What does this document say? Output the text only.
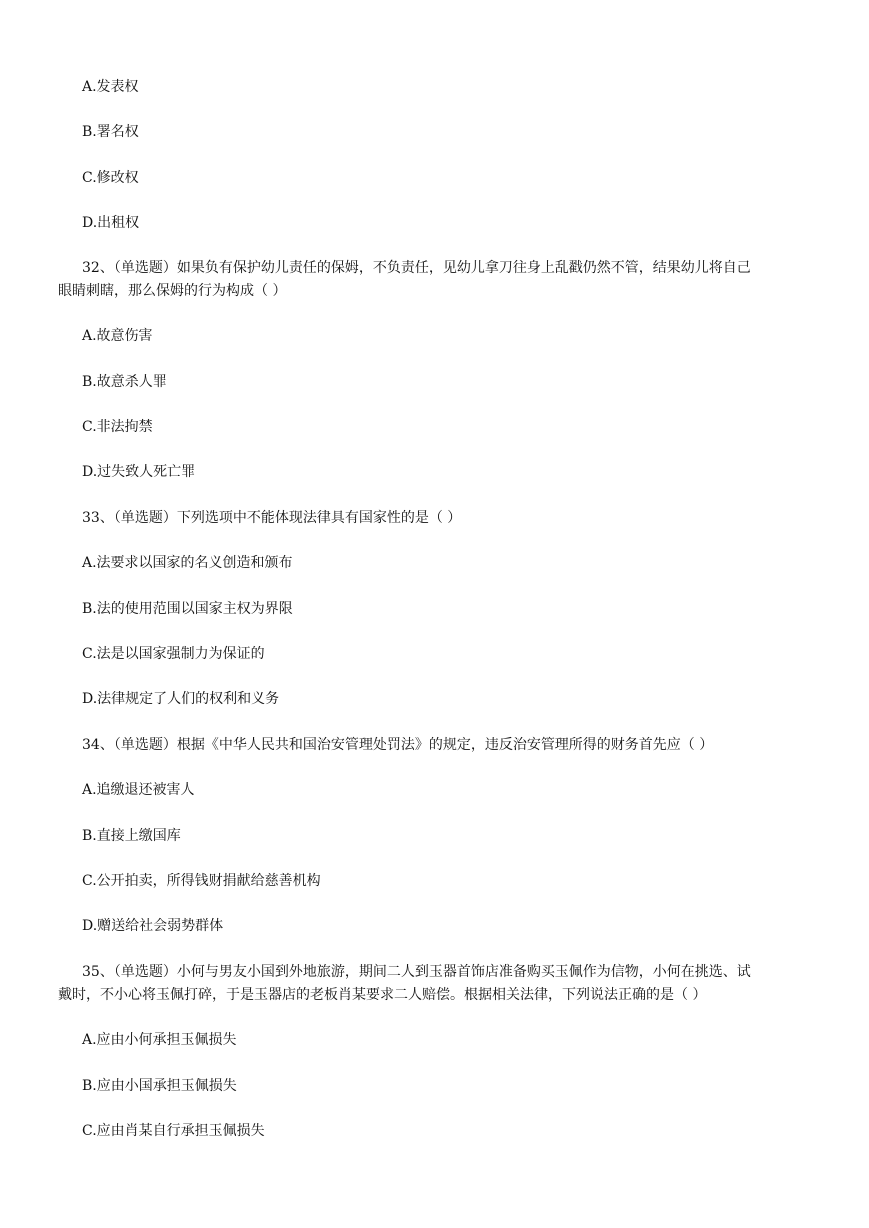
A.发表权

B.署名权

C.修改权

D.出租权

32、（单选题）如果负有保护幼儿责任的保姆，不负责任，见幼儿拿刀往身上乱戳仍然不管，结果幼儿将自己

眼睛刺瞎，那么保姆的行为构成（ ）

A.故意伤害

B.故意杀人罪

C.非法拘禁

D.过失致人死亡罪

33、（单选题）下列选项中不能体现法律具有国家性的是（ ）

A.法要求以国家的名义创造和颁布

B.法的使用范围以国家主权为界限

C.法是以国家强制力为保证的

D.法律规定了人们的权利和义务

34、（单选题）根据《中华人民共和国治安管理处罚法》的规定，违反治安管理所得的财务首先应（ ）

A.追缴退还被害人

B.直接上缴国库

C.公开拍卖，所得钱财捐献给慈善机构

D.赠送给社会弱势群体

35、（单选题）小何与男友小国到外地旅游，期间二人到玉器首饰店准备购买玉佩作为信物，小何在挑选、试

戴时，不小心将玉佩打碎，于是玉器店的老板肖某要求二人赔偿。根据相关法律，下列说法正确的是（ ）

A.应由小何承担玉佩损失

B.应由小国承担玉佩损失

C.应由肖某自行承担玉佩损失
